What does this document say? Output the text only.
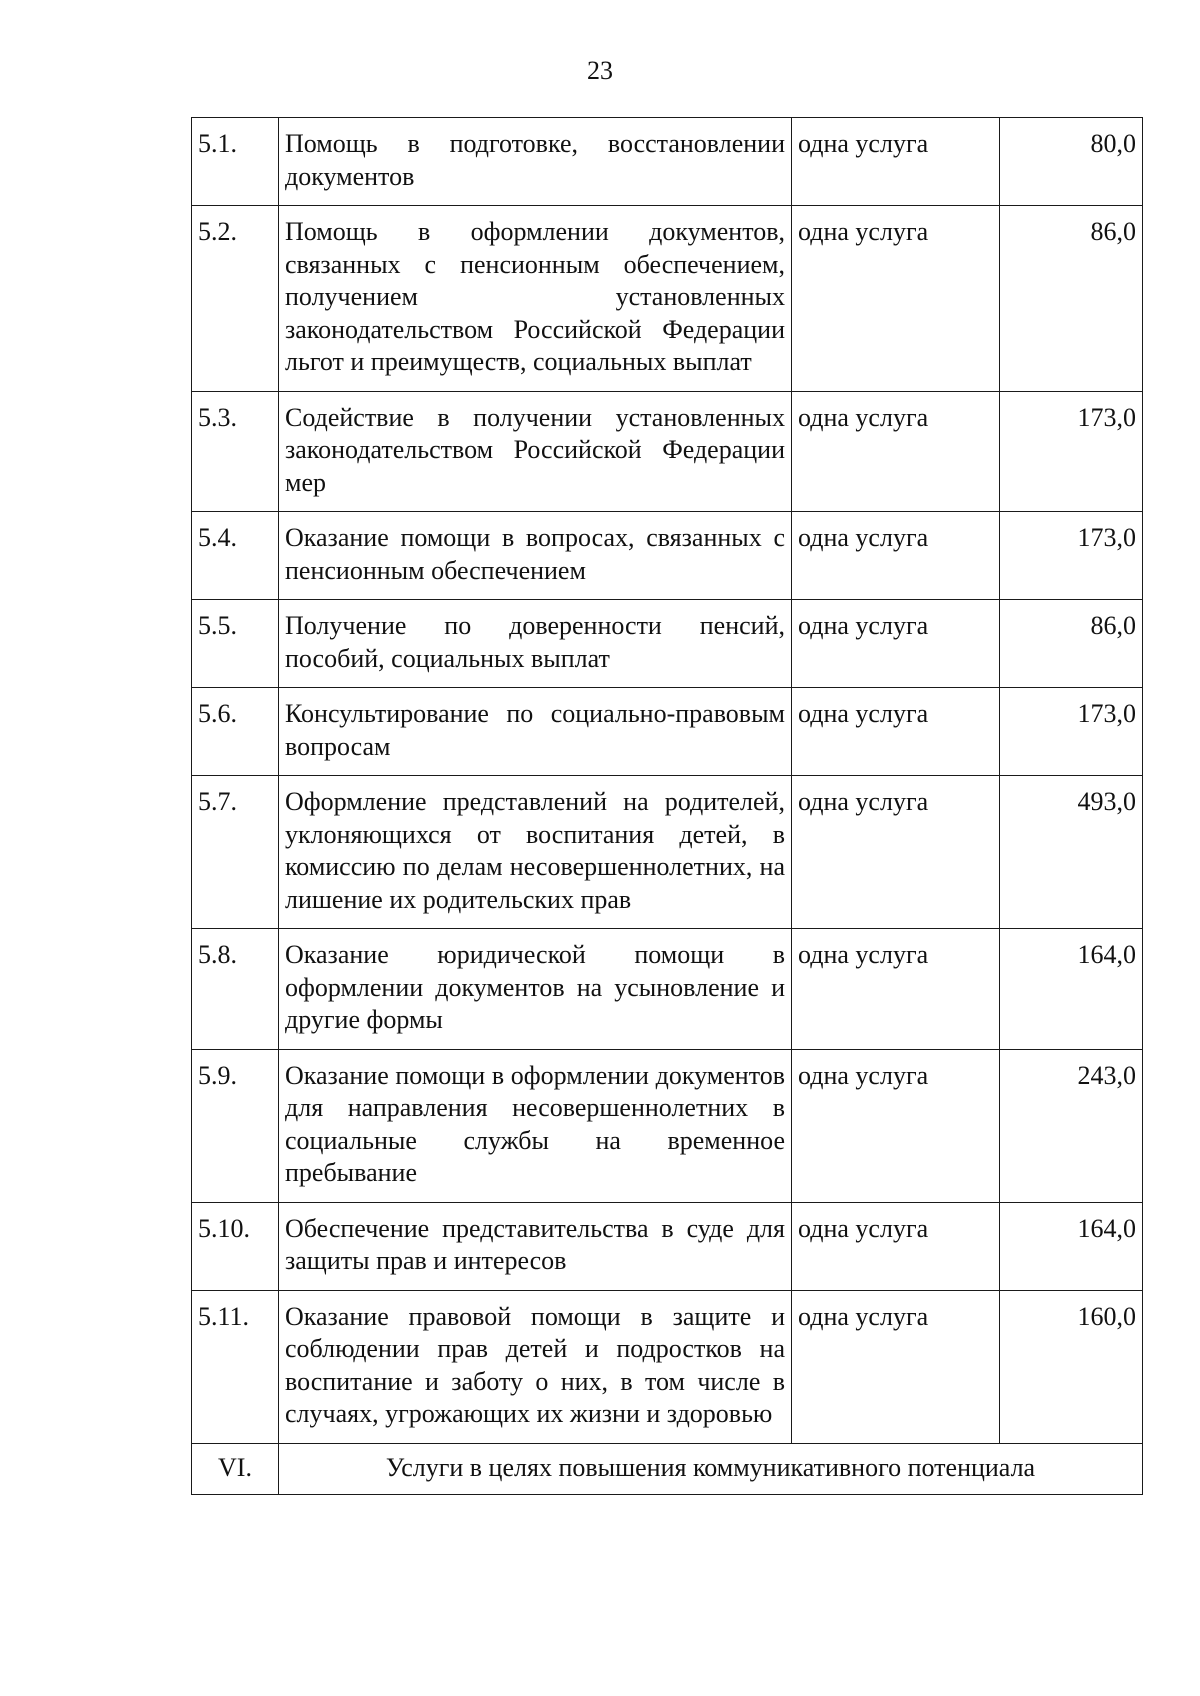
23
5.1.	Помощь в подготовке, восстановлении документов	одна услуга	80,0
5.2.	Помощь в оформлении документов, связанных с пенсионным обеспечением, получением установленных законодательством Российской Федерации льгот и преимуществ, социальных выплат	одна услуга	86,0
5.3.	Содействие в получении установленных законодательством Российской Федерации мер	одна услуга	173,0
5.4.	Оказание помощи в вопросах, связанных с пенсионным обеспечением	одна услуга	173,0
5.5.	Получение по доверенности пенсий, пособий, социальных выплат	одна услуга	86,0
5.6.	Консультирование по социально-правовым вопросам	одна услуга	173,0
5.7.	Оформление представлений на родителей, уклоняющихся от воспитания детей, в комиссию по делам несовершеннолетних, на лишение их родительских прав	одна услуга	493,0
5.8.	Оказание юридической помощи в оформлении документов на усыновление и другие формы	одна услуга	164,0
5.9.	Оказание помощи в оформлении документов для направления несовершеннолетних в социальные службы на временное пребывание	одна услуга	243,0
5.10.	Обеспечение представительства в суде для защиты прав и интересов	одна услуга	164,0
5.11.	Оказание правовой помощи в защите и соблюдении прав детей и подростков на воспитание и заботу о них, в том числе в случаях, угрожающих их жизни и здоровью	одна услуга	160,0
VI.	Услуги в целях повышения коммуникативного потенциала		
